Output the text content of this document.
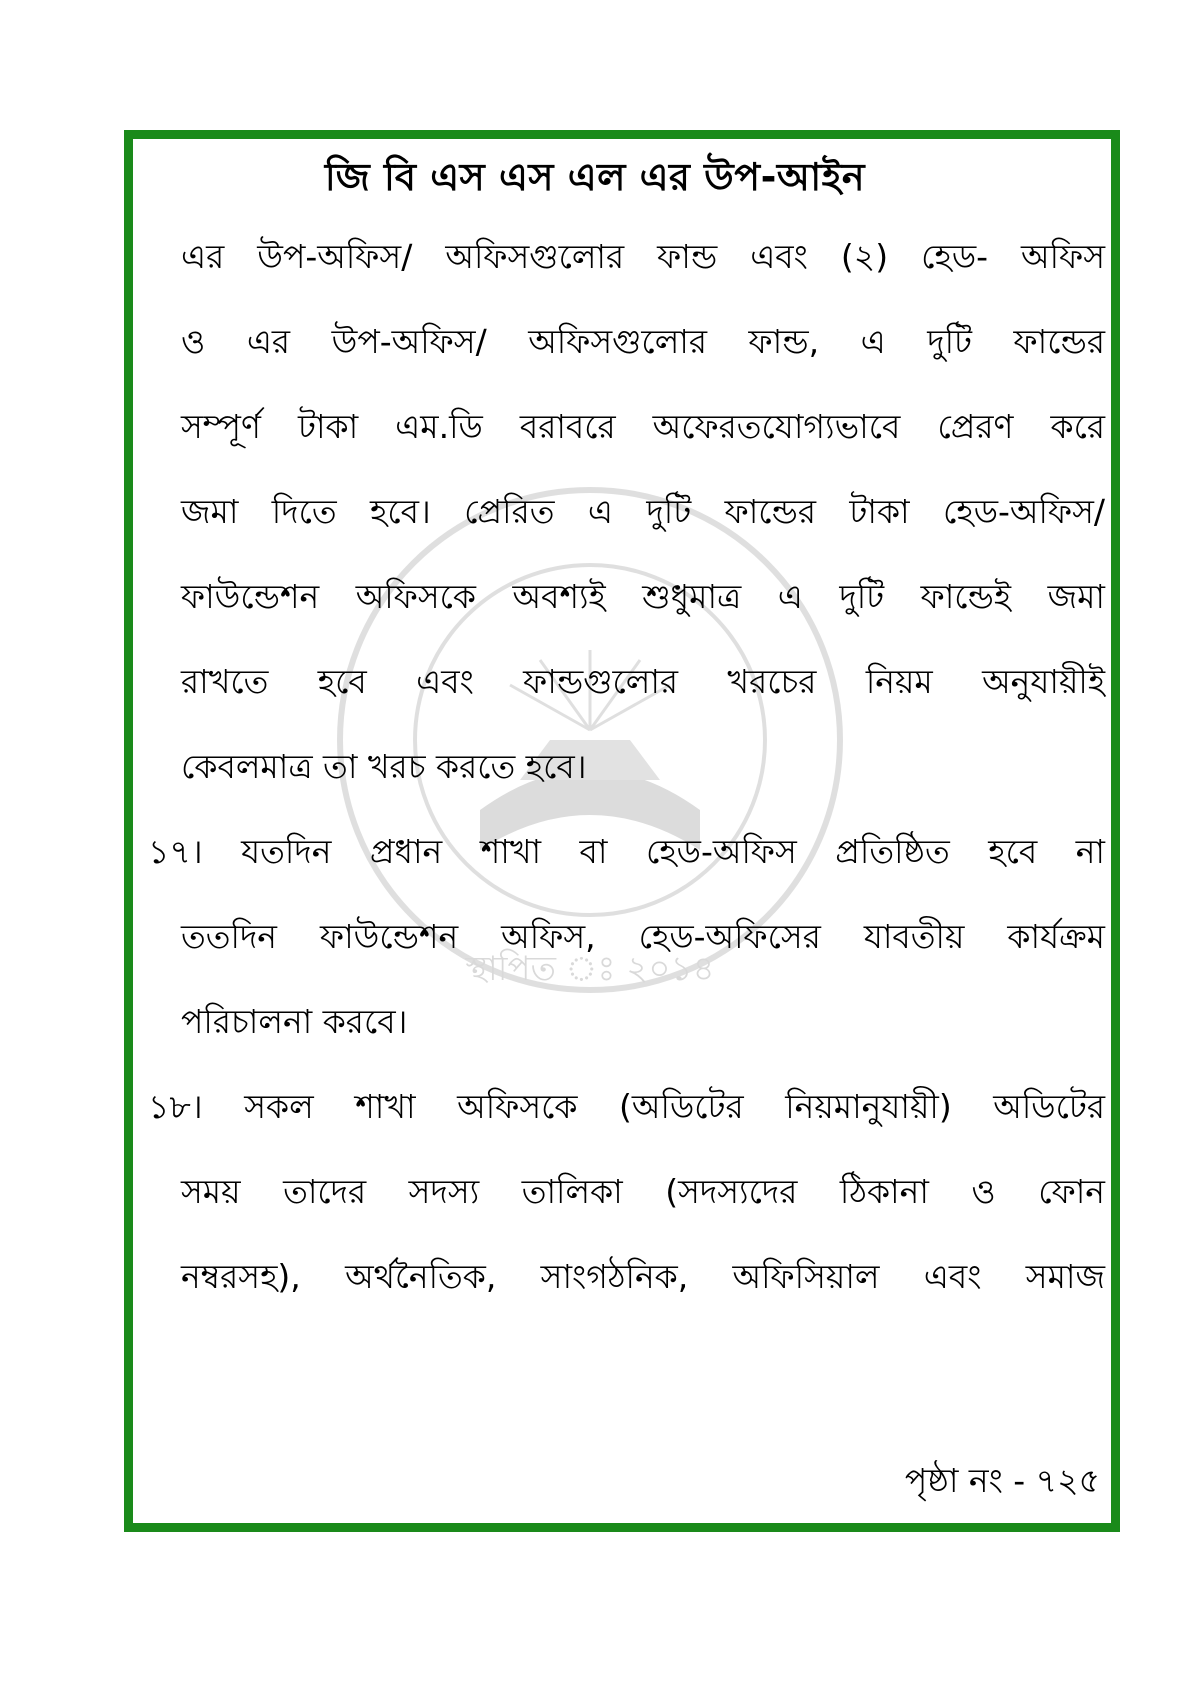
স্থাপিত ঃ ২০১৪
জি বি এস এস এল এর উপ-আইন
এর উপ-অফিস/ অফিসগুলোর ফান্ড এবং (২) হেড- অফিস
ও এর উপ-অফিস/ অফিসগুলোর ফান্ড, এ দুটি ফান্ডের
সম্পূর্ণ টাকা এম.ডি বরাবরে অফেরতযোগ্যভাবে প্রেরণ করে
জমা দিতে হবে। প্রেরিত এ দুটি ফান্ডের টাকা হেড-অফিস/
ফাউন্ডেশন অফিসকে অবশ্যই শুধুমাত্র এ দুটি ফান্ডেই জমা
রাখতে হবে এবং ফান্ডগুলোর খরচের নিয়ম অনুযায়ীই
কেবলমাত্র তা খরচ করতে হবে।
১৭। যতদিন প্রধান শাখা বা হেড-অফিস প্রতিষ্ঠিত হবে না
ততদিন ফাউন্ডেশন অফিস, হেড-অফিসের যাবতীয় কার্যক্রম
পরিচালনা করবে।
১৮। সকল শাখা অফিসকে (অডিটের নিয়মানুযায়ী) অডিটের
সময় তাদের সদস্য তালিকা (সদস্যদের ঠিকানা ও ফোন
নম্বরসহ), অর্থনৈতিক, সাংগঠনিক, অফিসিয়াল এবং সমাজ
পৃষ্ঠা নং - ৭২৫
